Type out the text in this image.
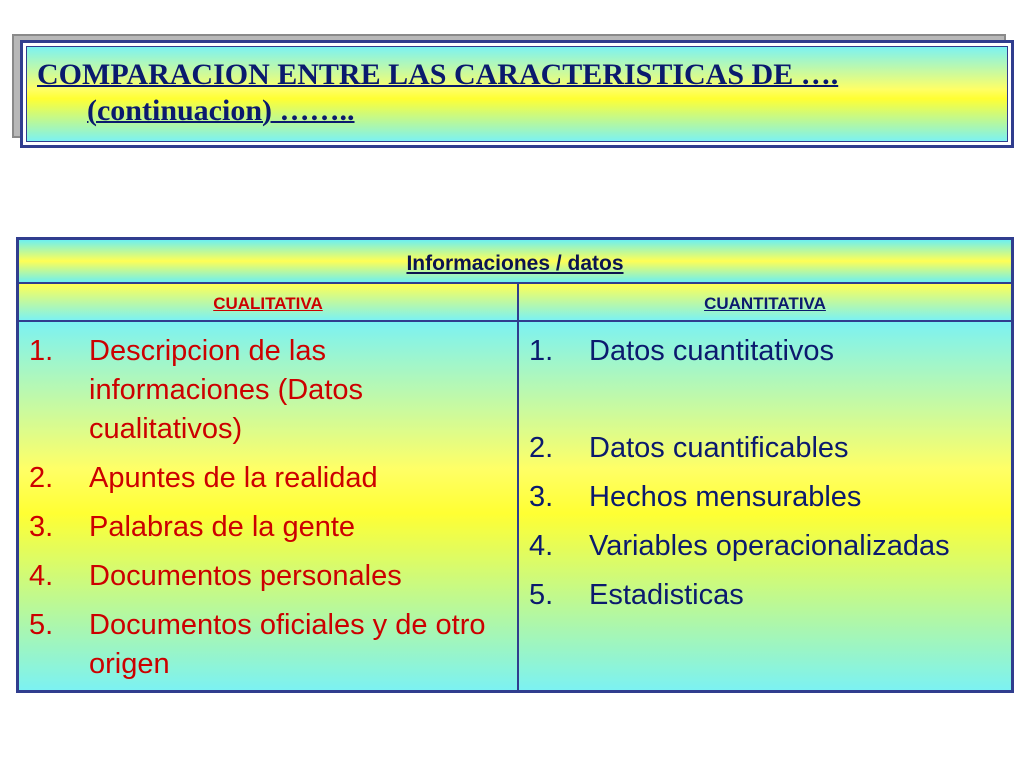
COMPARACION ENTRE LAS CARACTERISTICAS DE ….
(continuacion) ……..
Informaciones / datos
CUALITATIVA	CUANTITATIVA
1. Descripcion de las informaciones (Datos cualitativos)
2. Apuntes de la realidad
3. Palabras de la gente
4. Documentos personales
5. Documentos oficiales y de otro origen
1. Datos cuantitativos
2. Datos cuantificables
3. Hechos mensurables
4. Variables operacionalizadas
5. Estadisticas
